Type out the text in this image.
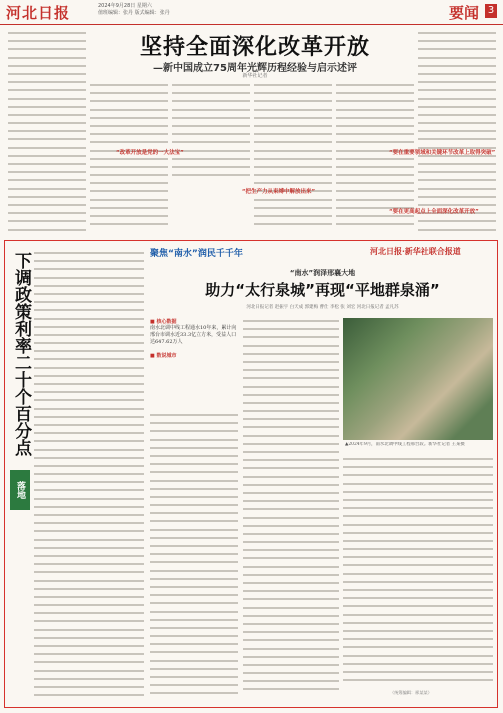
河北日报	2024年9月28日 星期六
值班编辑：张丹 版式编辑：张丹	要闻 3
坚持全面深化改革开放
—新中国成立75周年光辉历程经验与启示述评
新华社记者
“改革开放是党的一大法宝”
“把生产力从束缚中解放出来”
“要在重要领域和关键环节改革上取得突破”
“要在更高起点上全面深化改革开放”
下调政策利率二十个百分点
落地
聚焦“南水”润民千千年	河北日报·新华社联合报道
“南水”润泽邢襄大地
助力“太行泉城”再现“平地群泉涌”
河北日报记者 赵振宇 白天成 郭建梅 曹仕 李松 张 刘宏 河北日报记者 孟凡苏
■ 核心数据
南水北调中线工程通水10年来，累计向邢台市调水近33.3亿立方米，受益人口达647.62万人
■ 数说城市
▲2024年9月，南水北调中线工程邢台段。新华社记者 王某摄
（统筹编辑：邢某某）
